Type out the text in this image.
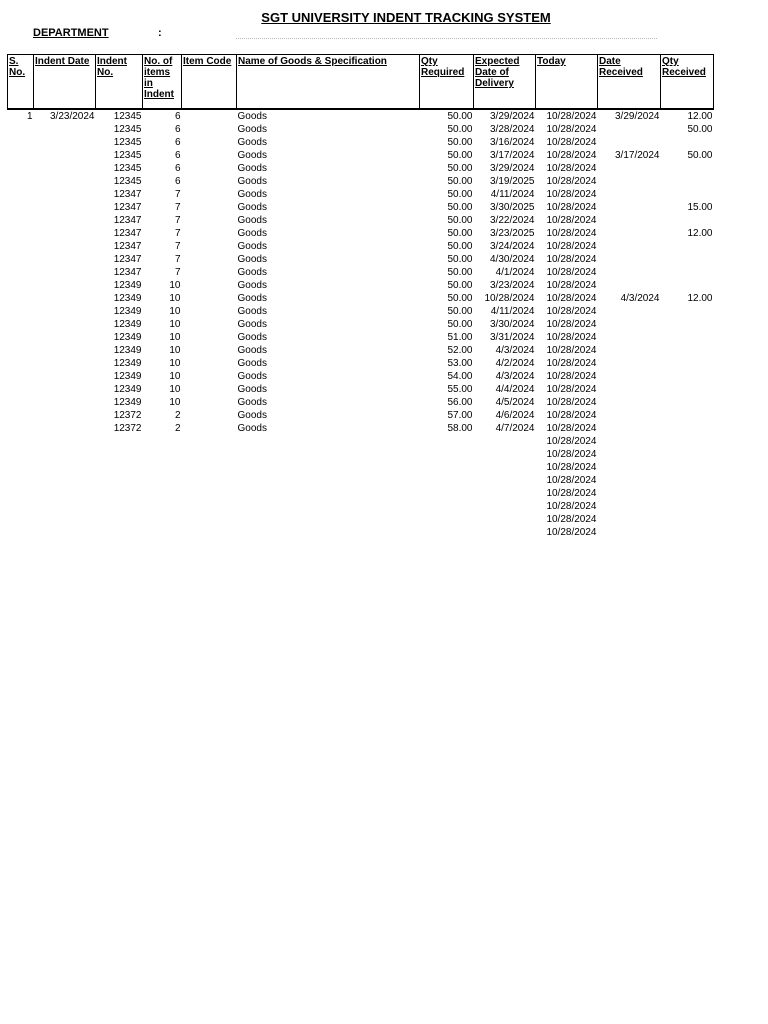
SGT UNIVERSITY INDENT TRACKING SYSTEM
DEPARTMENT	:
S. No.	Indent Date	Indent No.	No. of items in Indent	Item Code	Name of Goods & Specification	Qty Required	Expected Date of Delivery	Today	Date Received	Qty Received
1	3/23/2024	12345	6		Goods	50.00	3/29/2024	10/28/2024	3/29/2024	12.00
		12345	6		Goods	50.00	3/28/2024	10/28/2024		50.00
		12345	6		Goods	50.00	3/16/2024	10/28/2024		
		12345	6		Goods	50.00	3/17/2024	10/28/2024	3/17/2024	50.00
		12345	6		Goods	50.00	3/29/2024	10/28/2024		
		12345	6		Goods	50.00	3/19/2025	10/28/2024		
		12347	7		Goods	50.00	4/11/2024	10/28/2024		
		12347	7		Goods	50.00	3/30/2025	10/28/2024		15.00
		12347	7		Goods	50.00	3/22/2024	10/28/2024		
		12347	7		Goods	50.00	3/23/2025	10/28/2024		12.00
		12347	7		Goods	50.00	3/24/2024	10/28/2024		
		12347	7		Goods	50.00	4/30/2024	10/28/2024		
		12347	7		Goods	50.00	4/1/2024	10/28/2024		
		12349	10		Goods	50.00	3/23/2024	10/28/2024		
		12349	10		Goods	50.00	10/28/2024	10/28/2024	4/3/2024	12.00
		12349	10		Goods	50.00	4/11/2024	10/28/2024		
		12349	10		Goods	50.00	3/30/2024	10/28/2024		
		12349	10		Goods	51.00	3/31/2024	10/28/2024		
		12349	10		Goods	52.00	4/3/2024	10/28/2024		
		12349	10		Goods	53.00	4/2/2024	10/28/2024		
		12349	10		Goods	54.00	4/3/2024	10/28/2024		
		12349	10		Goods	55.00	4/4/2024	10/28/2024		
		12349	10		Goods	56.00	4/5/2024	10/28/2024		
		12372	2		Goods	57.00	4/6/2024	10/28/2024		
		12372	2		Goods	58.00	4/7/2024	10/28/2024		
								10/28/2024		
								10/28/2024		
								10/28/2024		
								10/28/2024		
								10/28/2024		
								10/28/2024		
								10/28/2024		
								10/28/2024		
